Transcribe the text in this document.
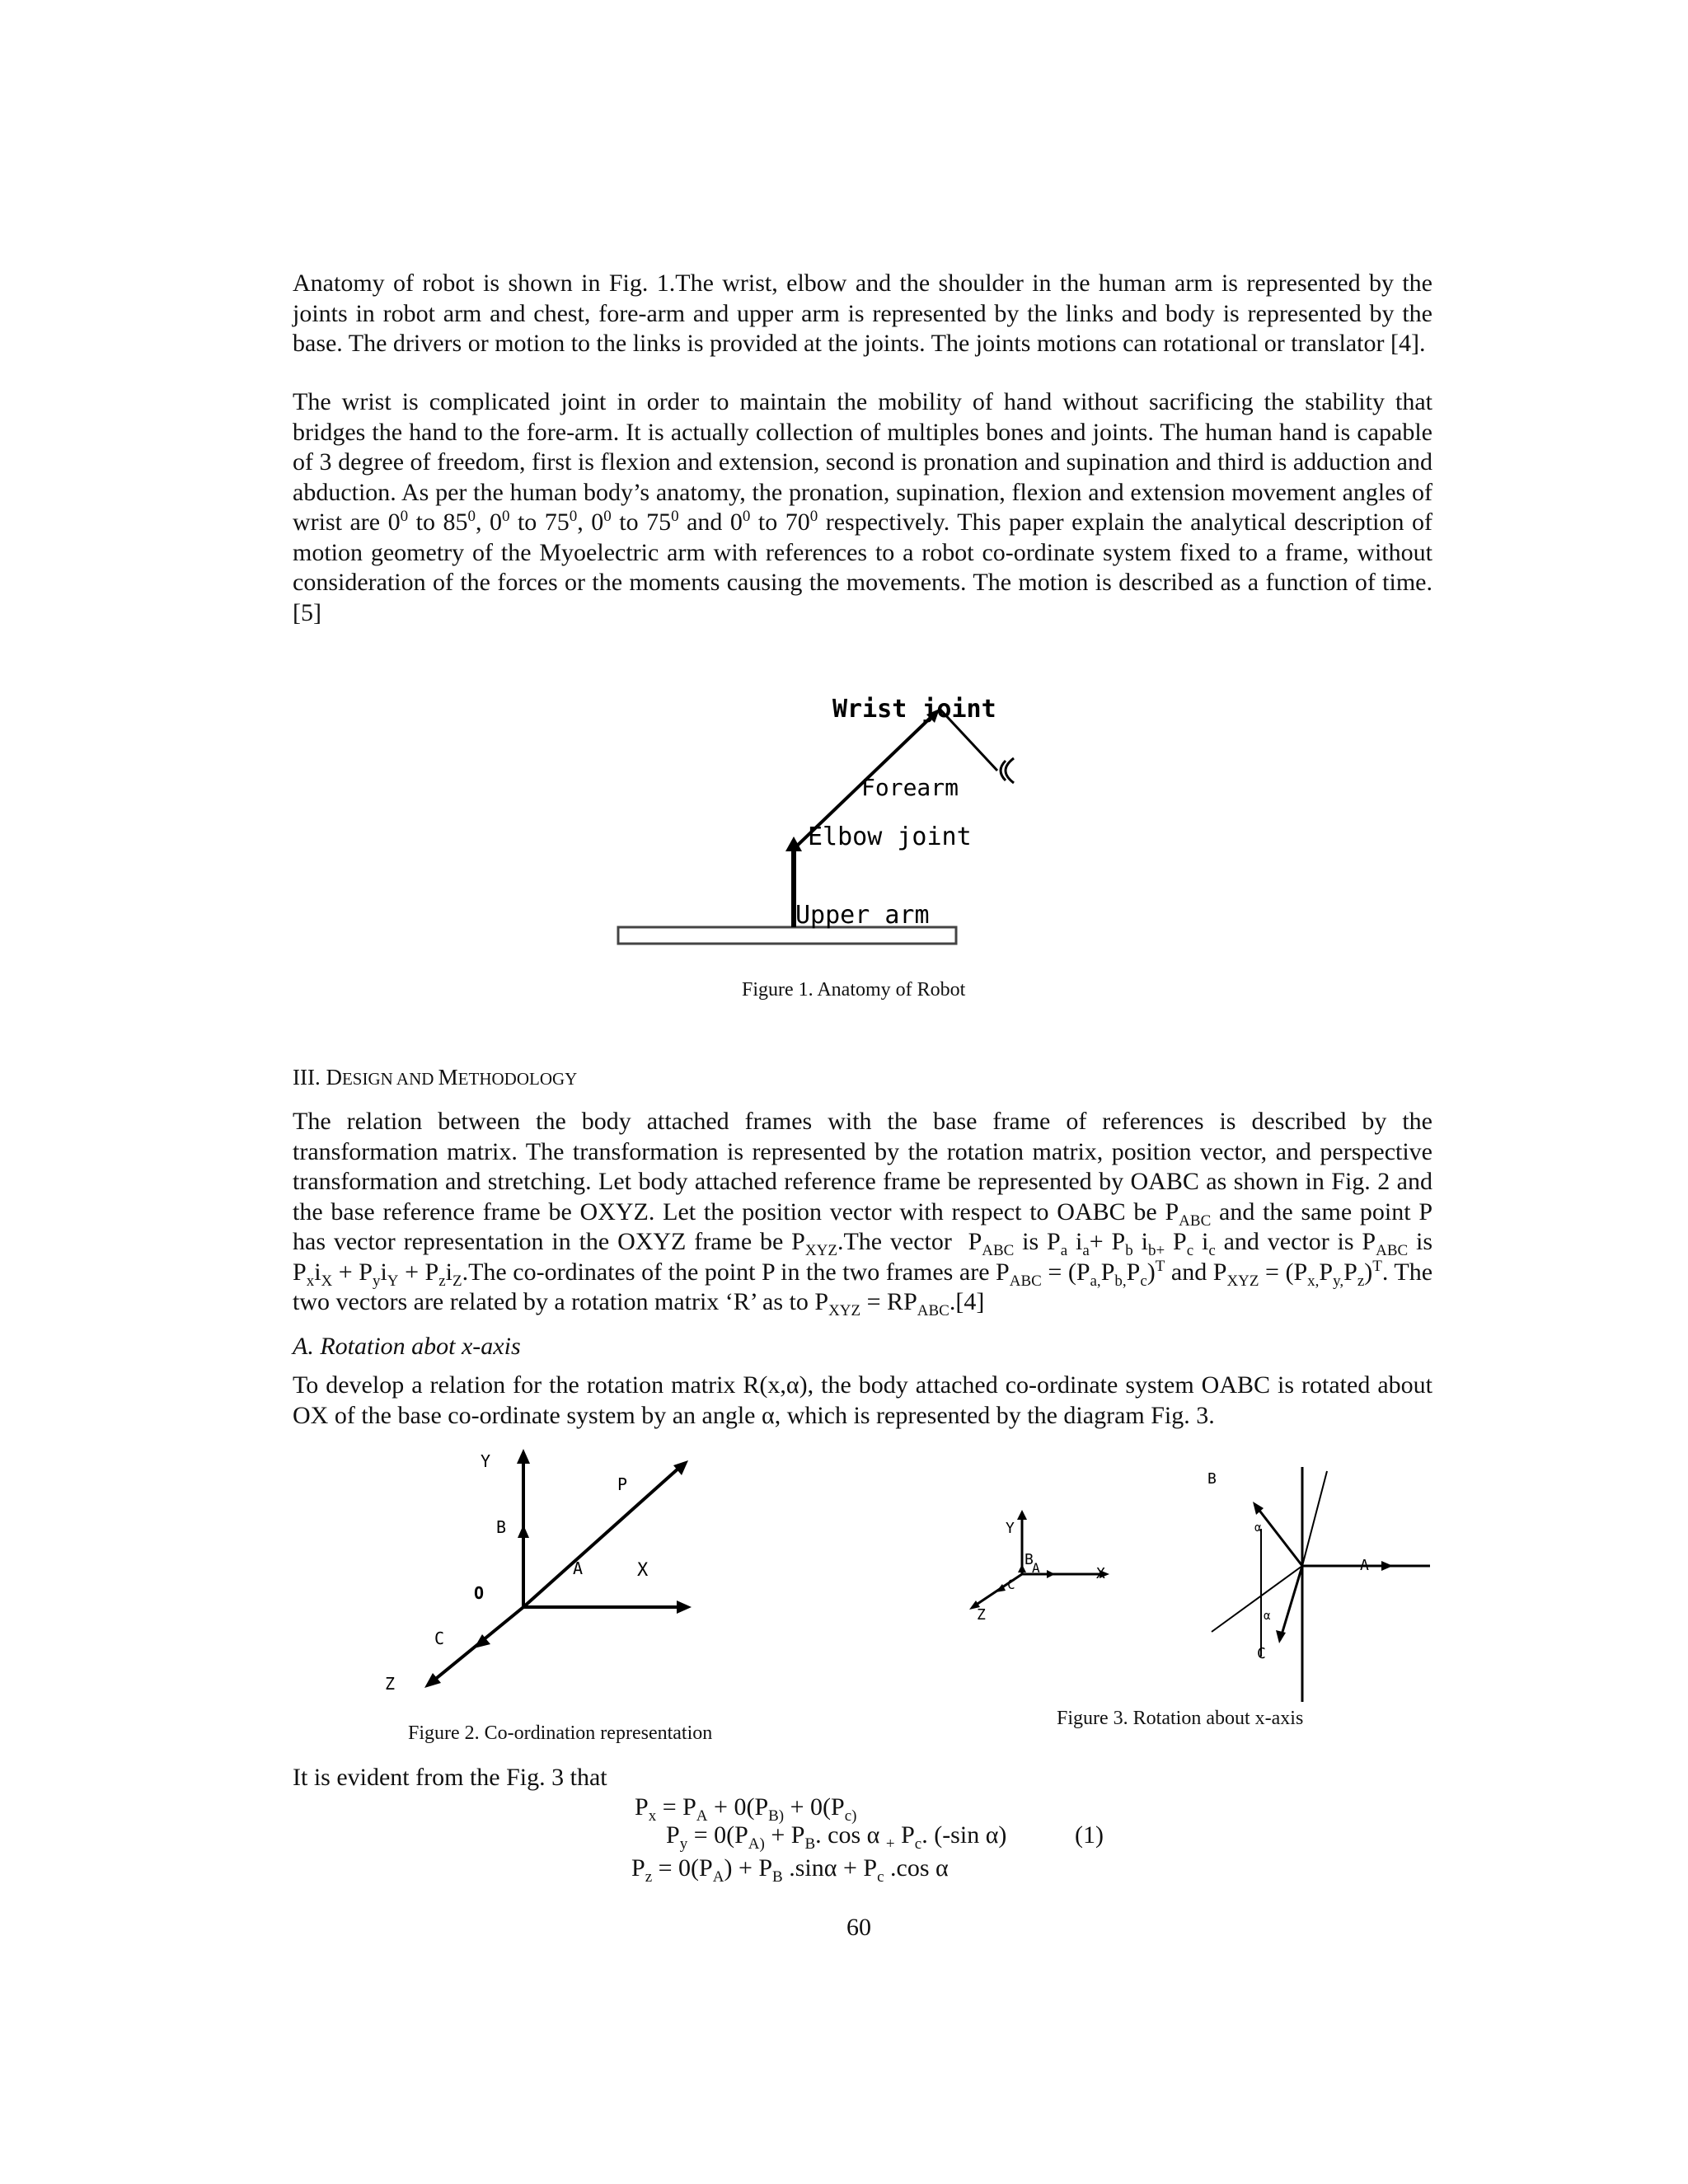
Anatomy of robot is shown in Fig. 1.The wrist, elbow and the shoulder in the human arm is represented by the joints in robot arm and chest, fore-arm and upper arm is represented by the links and body is represented by the base. The drivers or motion to the links is provided at the joints. The joints motions can rotational or translator [4].
The wrist is complicated joint in order to maintain the mobility of hand without sacrificing the stability that bridges the hand to the fore-arm. It is actually collection of multiples bones and joints. The human hand is capable of 3 degree of freedom, first is flexion and extension, second is pronation and supination and third is adduction and abduction. As per the human body’s anatomy, the pronation, supination, flexion and extension movement angles of wrist are $0^0$ to $85^0$, $0^0$ to $75^0$, $0^0$ to $75^0$ and $0^0$ to $70^0$ respectively. This paper explain the analytical description of motion geometry of the Myoelectric arm with references to a robot co-ordinate system fixed to a frame, without consideration of the forces or the moments causing the movements. The motion is described as a function of time. [5]
Wrist joint
Forearm
Elbow joint
Upper arm
Figure 1. Anatomy of Robot
III. DESIGN AND METHODOLOGY
The relation between the body attached frames with the base frame of references is described by the transformation matrix. The transformation is represented by the rotation matrix, position vector, and perspective transformation and stretching. Let body attached reference frame be represented by OABC as shown in Fig. 2 and the base reference frame be OXYZ. Let the position vector with respect to OABC be $P_{ABC}$ and the same point P has vector representation in the OXYZ frame be $P_{XYZ}.The$ vector  $P_{ABC}$ is $P_a$ $i_a+ P_b$ $i_{b+}$ $P_c$ $i_c$ and vector is $P_{ABC}$ is $P_xi_X + P_yi_Y + P_zi_Z.The$ co-ordinates of the point P in the two frames are $P_{ABC} = (P_{a,}P_{b,}P_c)^T$ and $P_{XYZ} = (P_{x,}P_{y,}P_z)^T$. The two vectors are related by a rotation matrix ‘R’ as to $P_{XYZ} = RP_{ABC}.[4]$
A. Rotation abot x-axis
To develop a relation for the rotation matrix R(x,α), the body attached co-ordinate system OABC is rotated about OX of the base co-ordinate system by an angle α, which is represented by the diagram Fig. 3.
Y
P
B
A	X
O
C
Z
Figure 2. Co-ordination representation
Y
B
A	X
C
Z
B
α
A
α
C
Figure 3. Rotation about x-axis
It is evident from the Fig. 3 that
$P_x = P_A + 0(P_{B)} + 0(P_{c)}$
$P_y = 0(P_{A)} + P_B$. cos α $_+$ $P_c$. (-sin α)	(1)
$P_z = 0(P_A) + P_B$ $.\sin\alpha + P_c$ .cos α
60
